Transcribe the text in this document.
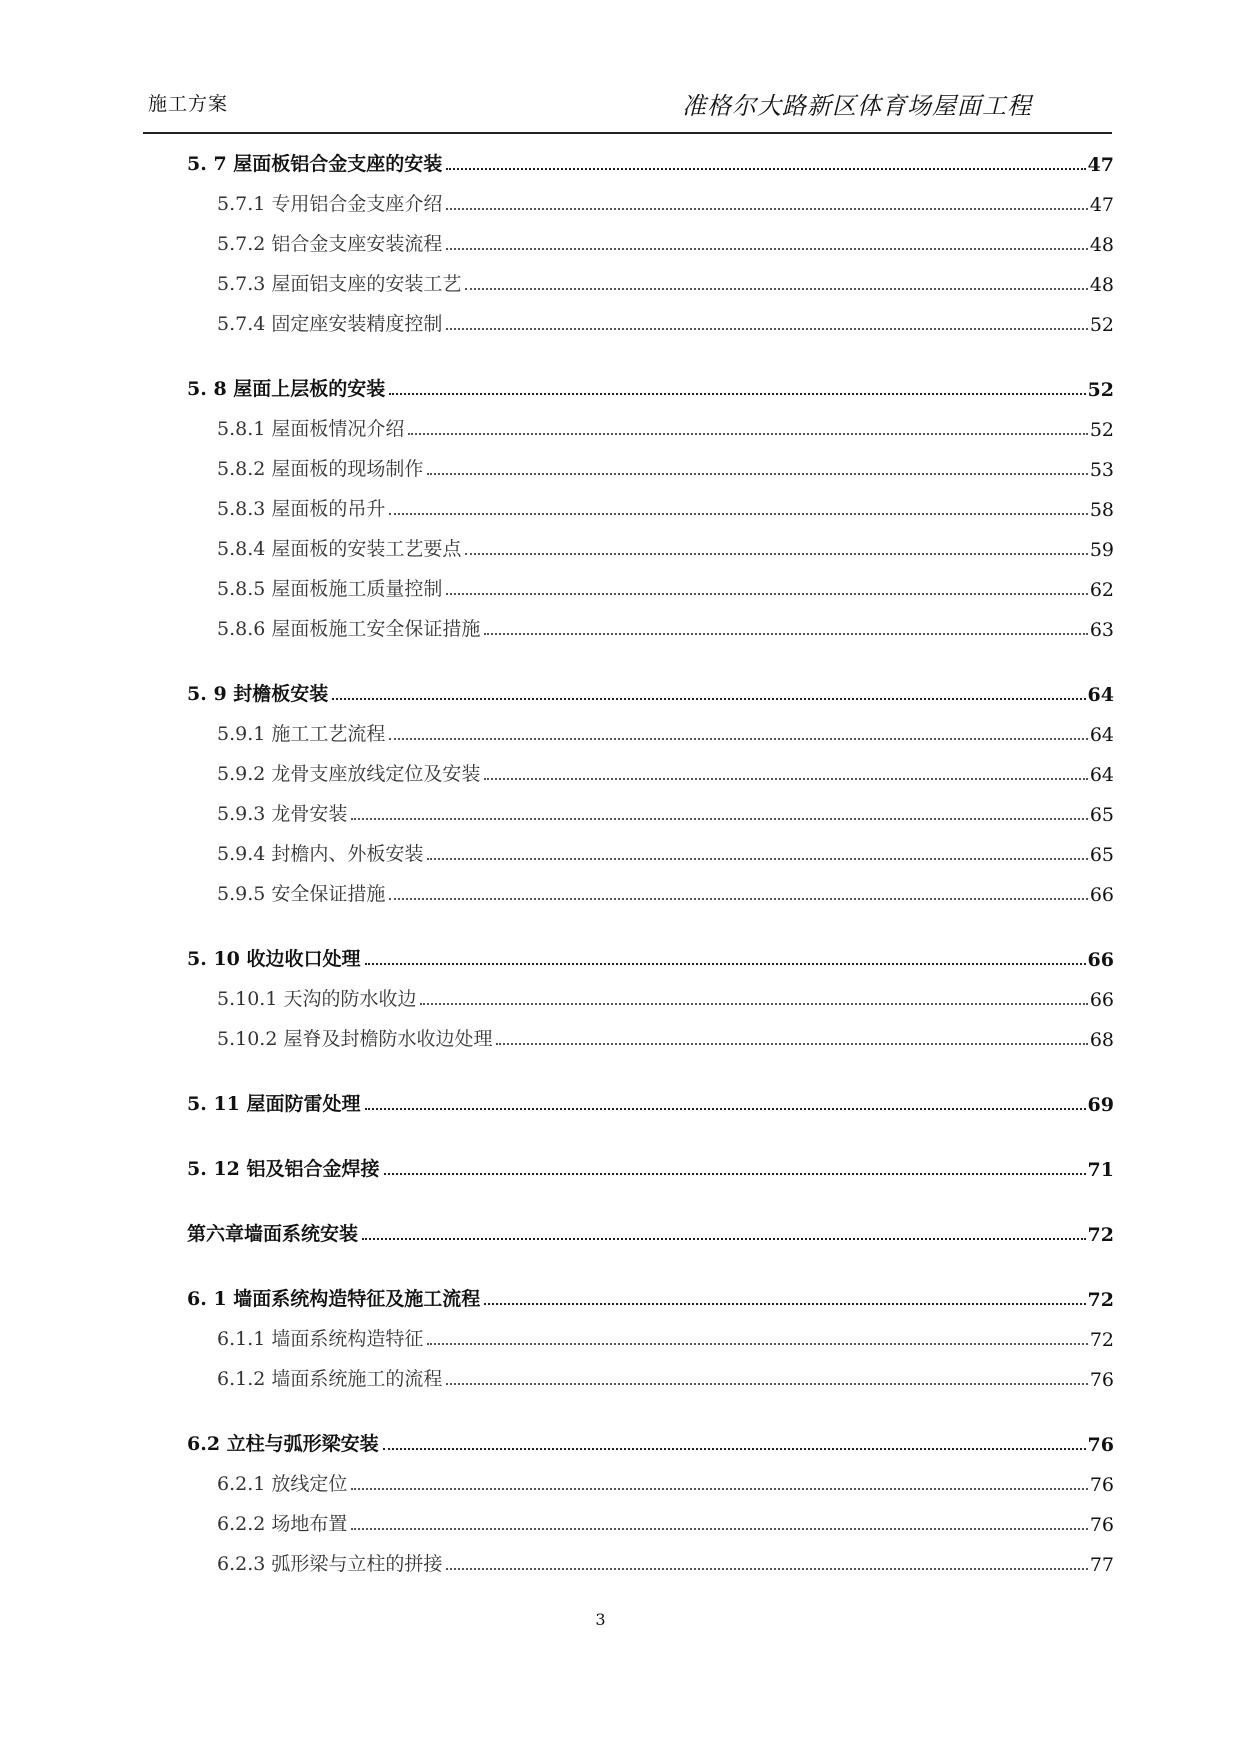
施工方案	准格尔大路新区体育场屋面工程
5. 7 屋面板铝合金支座的安装	47
5.7.1 专用铝合金支座介绍	47
5.7.2 铝合金支座安装流程	48
5.7.3 屋面铝支座的安装工艺	48
5.7.4 固定座安装精度控制	52
5. 8 屋面上层板的安装	52
5.8.1 屋面板情况介绍	52
5.8.2 屋面板的现场制作	53
5.8.3 屋面板的吊升	58
5.8.4 屋面板的安装工艺要点	59
5.8.5 屋面板施工质量控制	62
5.8.6 屋面板施工安全保证措施	63
5. 9 封檐板安装	64
5.9.1 施工工艺流程	64
5.9.2 龙骨支座放线定位及安装	64
5.9.3 龙骨安装	65
5.9.4 封檐内、外板安装	65
5.9.5 安全保证措施	66
5. 10 收边收口处理	66
5.10.1 天沟的防水收边	66
5.10.2 屋脊及封檐防水收边处理	68
5. 11 屋面防雷处理	69
5. 12 铝及铝合金焊接	71
第六章墙面系统安装	72
6. 1 墙面系统构造特征及施工流程	72
6.1.1 墙面系统构造特征	72
6.1.2 墙面系统施工的流程	76
6.2 立柱与弧形梁安装	76
6.2.1 放线定位	76
6.2.2 场地布置	76
6.2.3 弧形梁与立柱的拼接	77
3
